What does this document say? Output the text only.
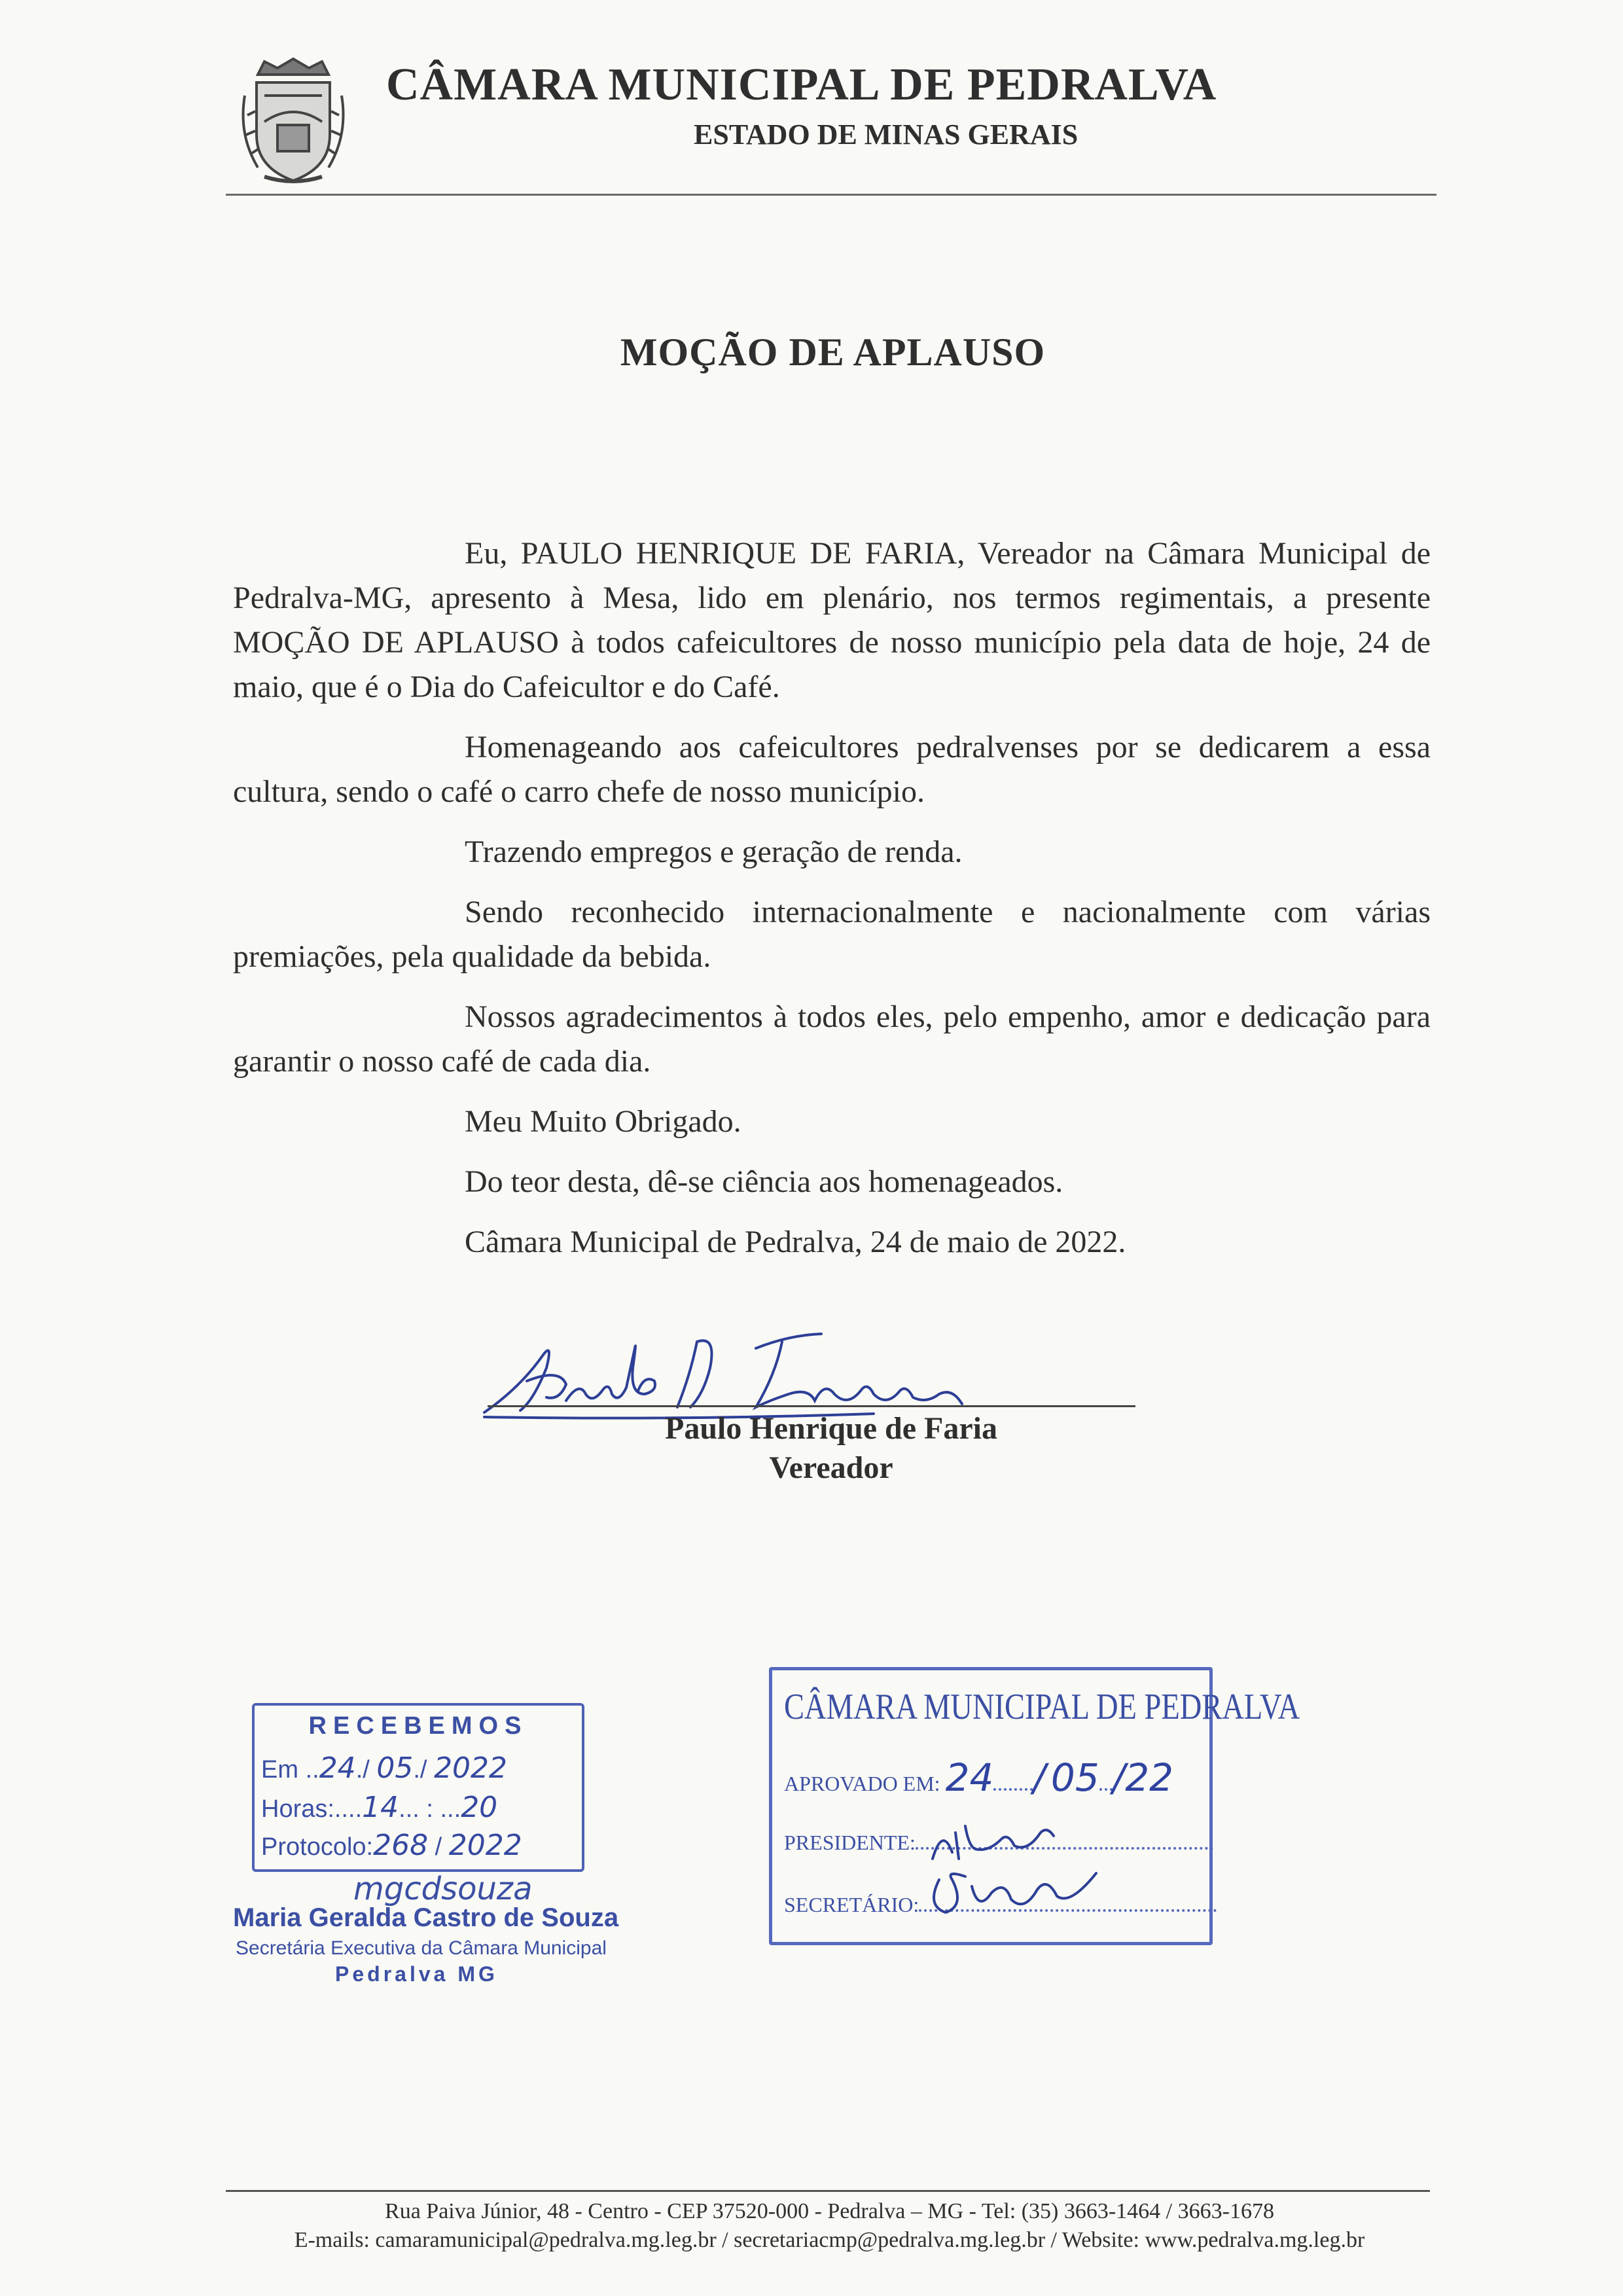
CÂMARA MUNICIPAL DE PEDRALVA
ESTADO DE MINAS GERAIS
MOÇÃO DE APLAUSO

Eu, PAULO HENRIQUE DE FARIA, Vereador na Câmara Municipal de Pedralva-MG, apresento à Mesa, lido em plenário, nos termos regimentais, a presente MOÇÃO DE APLAUSO à todos cafeicultores de nosso município pela data de hoje, 24 de maio, que é o Dia do Cafeicultor e do Café.

Homenageando aos cafeicultores pedralvenses por se dedicarem a essa cultura, sendo o café o carro chefe de nosso município.

Trazendo empregos e geração de renda.

Sendo reconhecido internacionalmente e nacionalmente com várias premiações, pela qualidade da bebida.

Nossos agradecimentos à todos eles, pelo empenho, amor e dedicação para garantir o nosso café de cada dia.

Meu Muito Obrigado.

Do teor desta, dê-se ciência aos homenageados.

Câmara Municipal de Pedralva, 24 de maio de 2022.

Paulo Henrique de Faria
Vereador
RECEBEMOS
Em ..24./ 05./ 2022
Horas:....14... : ...20
Protocolo:268 / 2022
mgcdsouza
Maria Geralda Castro de Souza
Secretária Executiva da Câmara Municipal
Pedralva MG
CÂMARA MUNICIPAL DE PEDRALVA
APROVADO EM: 24 / 05 /22
PRESIDENTE:
SECRETÁRIO:
Rua Paiva Júnior, 48 - Centro - CEP 37520-000 - Pedralva – MG - Tel: (35) 3663-1464 / 3663-1678
E-mails: camaramunicipal@pedralva.mg.leg.br / secretariacmp@pedralva.mg.leg.br / Website: www.pedralva.mg.leg.br
